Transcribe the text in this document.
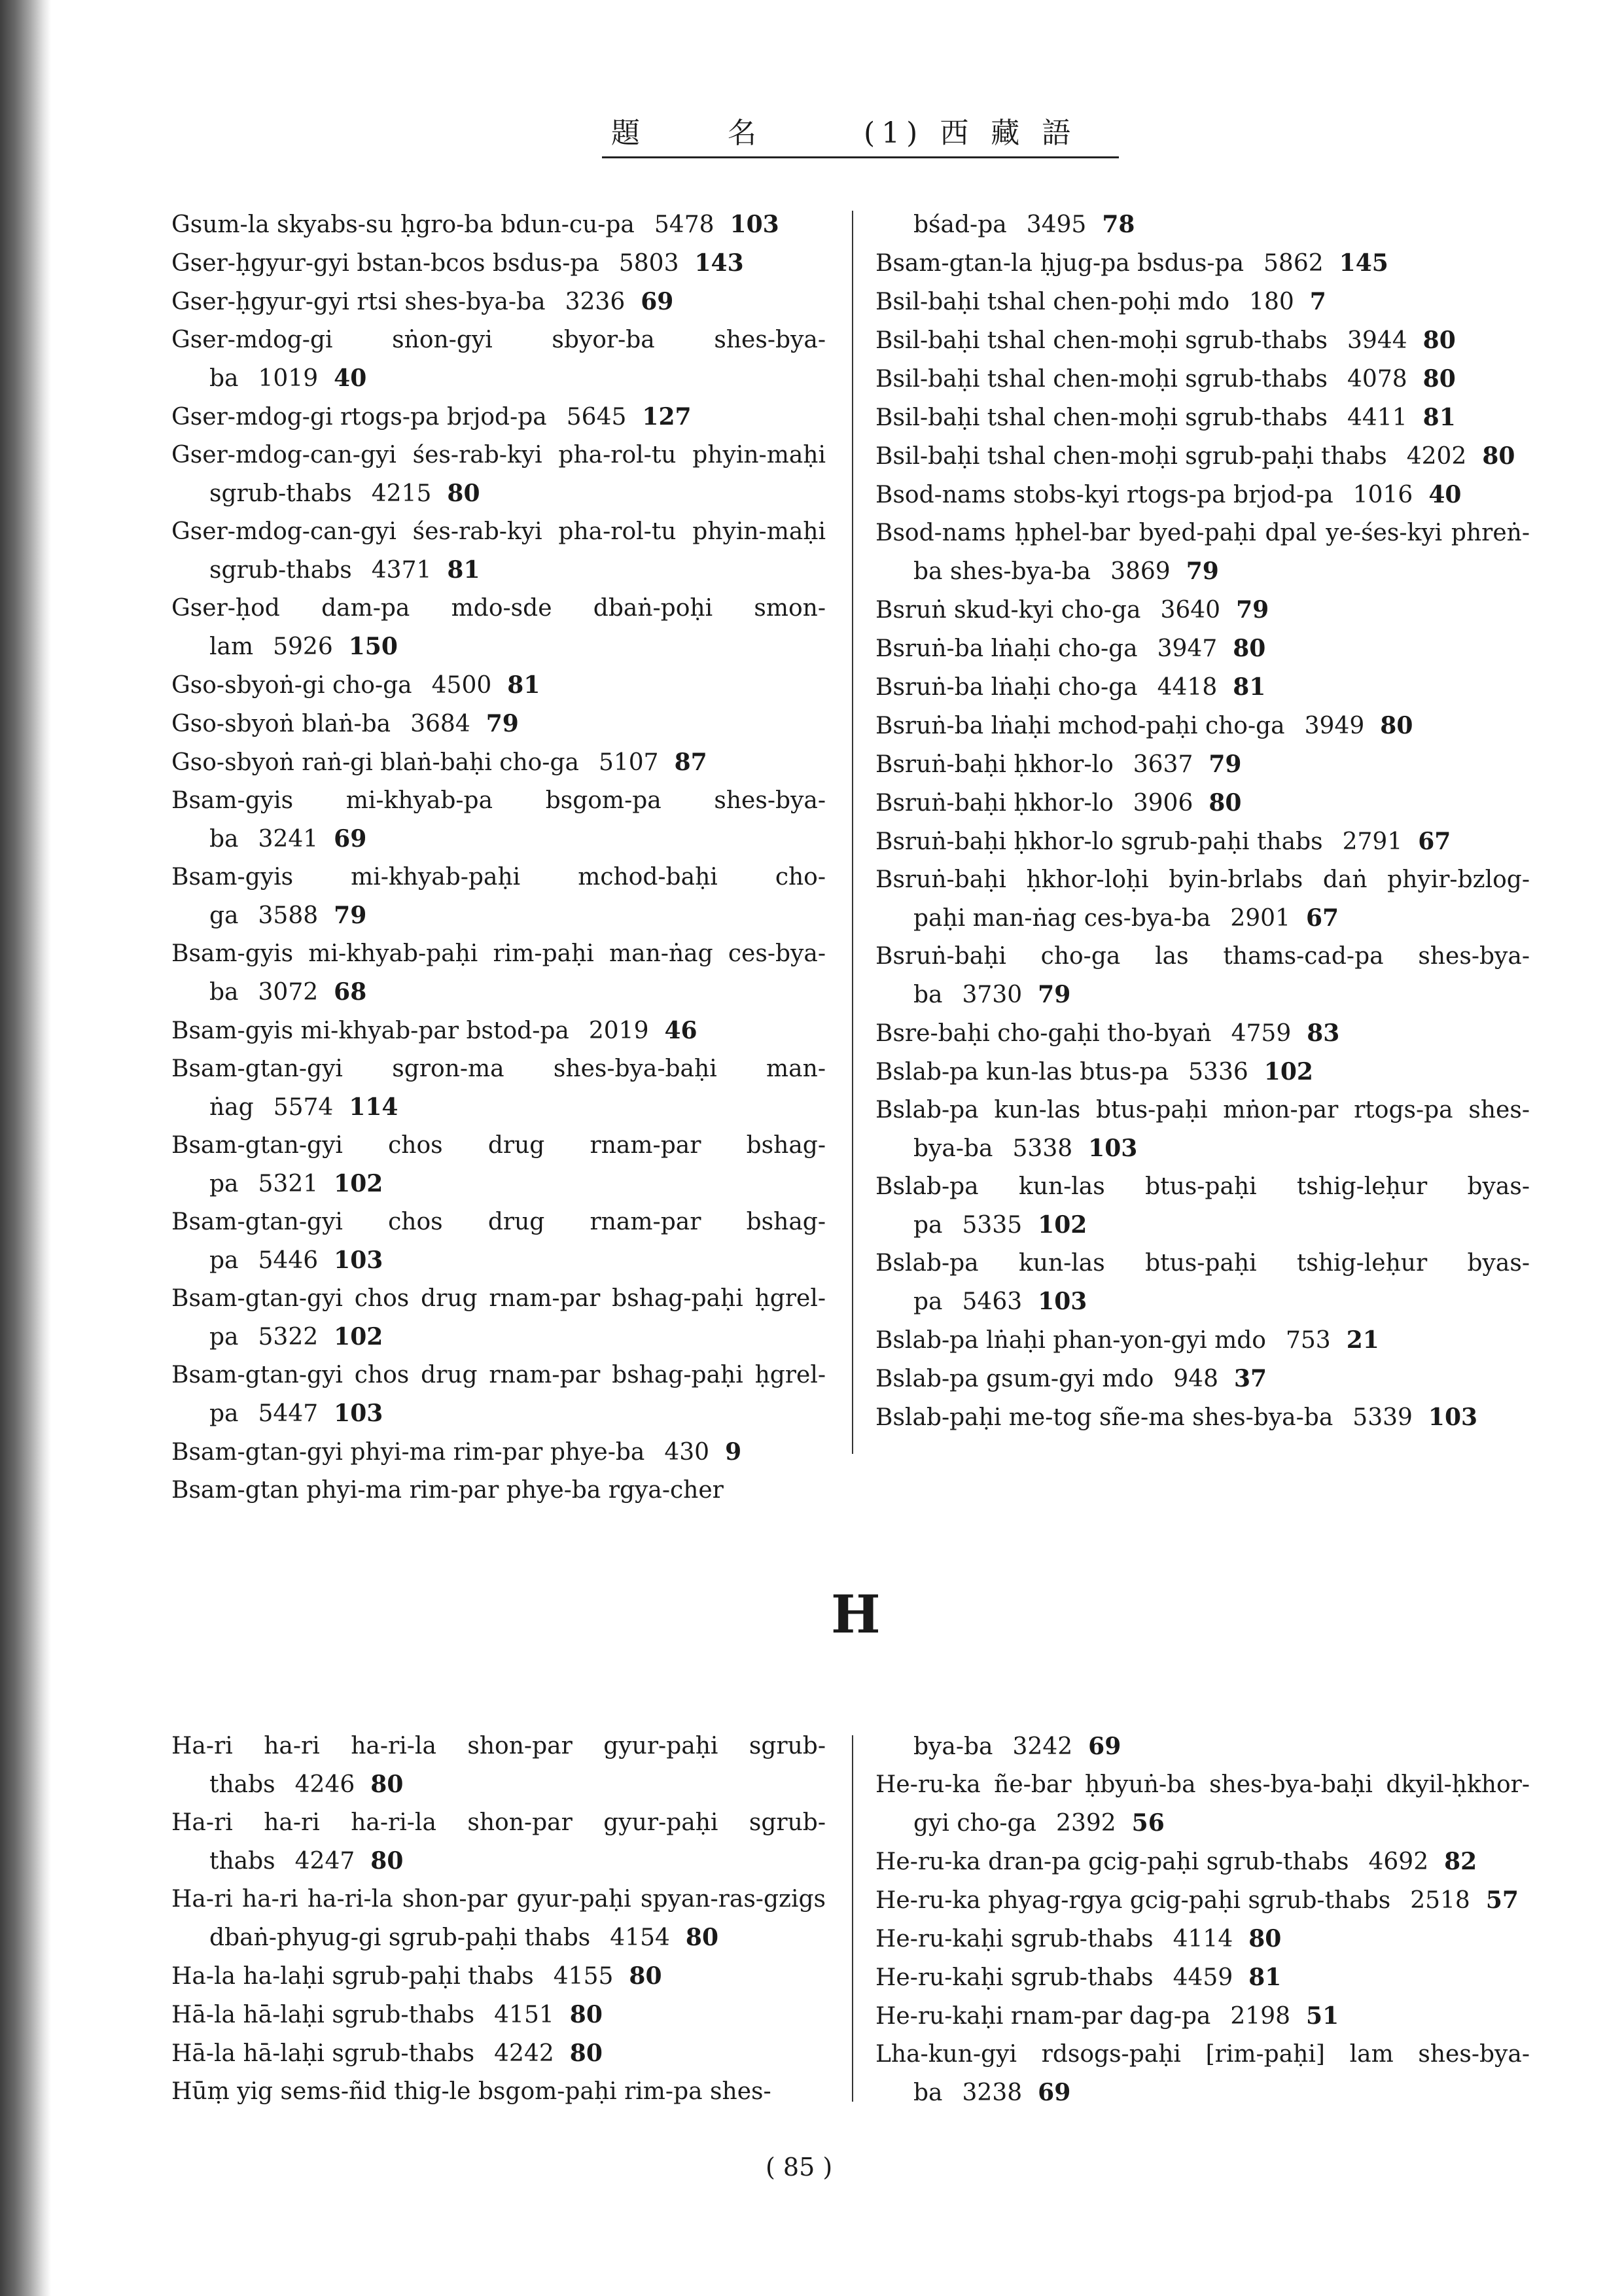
題 名 (1) 西 藏 語
Gsum-la skyabs-su ḥgro-ba bdun-cu-pa 5478 103
Gser-ḥgyur-gyi bstan-bcos bsdus-pa 5803 143
Gser-ḥgyur-gyi rtsi shes-bya-ba 3236 69
Gser-mdog-gi sṅon-gyi sbyor-ba shes-bya-ba 1019 40
Gser-mdog-gi rtogs-pa brjod-pa 5645 127
Gser-mdog-can-gyi śes-rab-kyi pha-rol-tu phyin-maḥi sgrub-thabs 4215 80
Gser-mdog-can-gyi śes-rab-kyi pha-rol-tu phyin-maḥi sgrub-thabs 4371 81
Gser-ḥod dam-pa mdo-sde dbaṅ-poḥi smon-lam 5926 150
Gso-sbyoṅ-gi cho-ga 4500 81
Gso-sbyoṅ blaṅ-ba 3684 79
Gso-sbyoṅ raṅ-gi blaṅ-baḥi cho-ga 5107 87
Bsam-gyis mi-khyab-pa bsgom-pa shes-bya-ba 3241 69
Bsam-gyis mi-khyab-paḥi mchod-baḥi cho-ga 3588 79
Bsam-gyis mi-khyab-paḥi rim-paḥi man-ṅag ces-bya-ba 3072 68
Bsam-gyis mi-khyab-par bstod-pa 2019 46
Bsam-gtan-gyi sgron-ma shes-bya-baḥi man-ṅag 5574 114
Bsam-gtan-gyi chos drug rnam-par bshag-pa 5321 102
Bsam-gtan-gyi chos drug rnam-par bshag-pa 5446 103
Bsam-gtan-gyi chos drug rnam-par bshag-paḥi ḥgrel-pa 5322 102
Bsam-gtan-gyi chos drug rnam-par bshag-paḥi ḥgrel-pa 5447 103
Bsam-gtan-gyi phyi-ma rim-par phye-ba 430 9
Bsam-gtan phyi-ma rim-par phye-ba rgya-cher
bśad-pa 3495 78
Bsam-gtan-la ḥjug-pa bsdus-pa 5862 145
Bsil-baḥi tshal chen-poḥi mdo 180 7
Bsil-baḥi tshal chen-moḥi sgrub-thabs 3944 80
Bsil-baḥi tshal chen-moḥi sgrub-thabs 4078 80
Bsil-baḥi tshal chen-moḥi sgrub-thabs 4411 81
Bsil-baḥi tshal chen-moḥi sgrub-paḥi thabs 4202 80
Bsod-nams stobs-kyi rtogs-pa brjod-pa 1016 40
Bsod-nams ḥphel-bar byed-paḥi dpal ye-śes-kyi phreṅ-ba shes-bya-ba 3869 79
Bsruṅ skud-kyi cho-ga 3640 79
Bsruṅ-ba lṅaḥi cho-ga 3947 80
Bsruṅ-ba lṅaḥi cho-ga 4418 81
Bsruṅ-ba lṅaḥi mchod-paḥi cho-ga 3949 80
Bsruṅ-baḥi ḥkhor-lo 3637 79
Bsruṅ-baḥi ḥkhor-lo 3906 80
Bsruṅ-baḥi ḥkhor-lo sgrub-paḥi thabs 2791 67
Bsruṅ-baḥi ḥkhor-loḥi byin-brlabs daṅ phyir-bzlog-paḥi man-ṅag ces-bya-ba 2901 67
Bsruṅ-baḥi cho-ga las thams-cad-pa shes-bya-ba 3730 79
Bsre-baḥi cho-gaḥi tho-byaṅ 4759 83
Bslab-pa kun-las btus-pa 5336 102
Bslab-pa kun-las btus-paḥi mṅon-par rtogs-pa shes-bya-ba 5338 103
Bslab-pa kun-las btus-paḥi tshig-leḥur byas-pa 5335 102
Bslab-pa kun-las btus-paḥi tshig-leḥur byas-pa 5463 103
Bslab-pa lṅaḥi phan-yon-gyi mdo 753 21
Bslab-pa gsum-gyi mdo 948 37
Bslab-paḥi me-tog sñe-ma shes-bya-ba 5339 103
H
Ha-ri ha-ri ha-ri-la shon-par gyur-paḥi sgrub-thabs 4246 80
Ha-ri ha-ri ha-ri-la shon-par gyur-paḥi sgrub-thabs 4247 80
Ha-ri ha-ri ha-ri-la shon-par gyur-paḥi spyan-ras-gzigs dbaṅ-phyug-gi sgrub-paḥi thabs 4154 80
Ha-la ha-laḥi sgrub-paḥi thabs 4155 80
Hā-la hā-laḥi sgrub-thabs 4151 80
Hā-la hā-laḥi sgrub-thabs 4242 80
Hūṃ yig sems-ñid thig-le bsgom-paḥi rim-pa shes-
bya-ba 3242 69
He-ru-ka ñe-bar ḥbyuṅ-ba shes-bya-baḥi dkyil-ḥkhor-gyi cho-ga 2392 56
He-ru-ka dran-pa gcig-paḥi sgrub-thabs 4692 82
He-ru-ka phyag-rgya gcig-paḥi sgrub-thabs 2518 57
He-ru-kaḥi sgrub-thabs 4114 80
He-ru-kaḥi sgrub-thabs 4459 81
He-ru-kaḥi rnam-par dag-pa 2198 51
Lha-kun-gyi rdsogs-paḥi [rim-paḥi] lam shes-bya-ba 3238 69
( 85 )
